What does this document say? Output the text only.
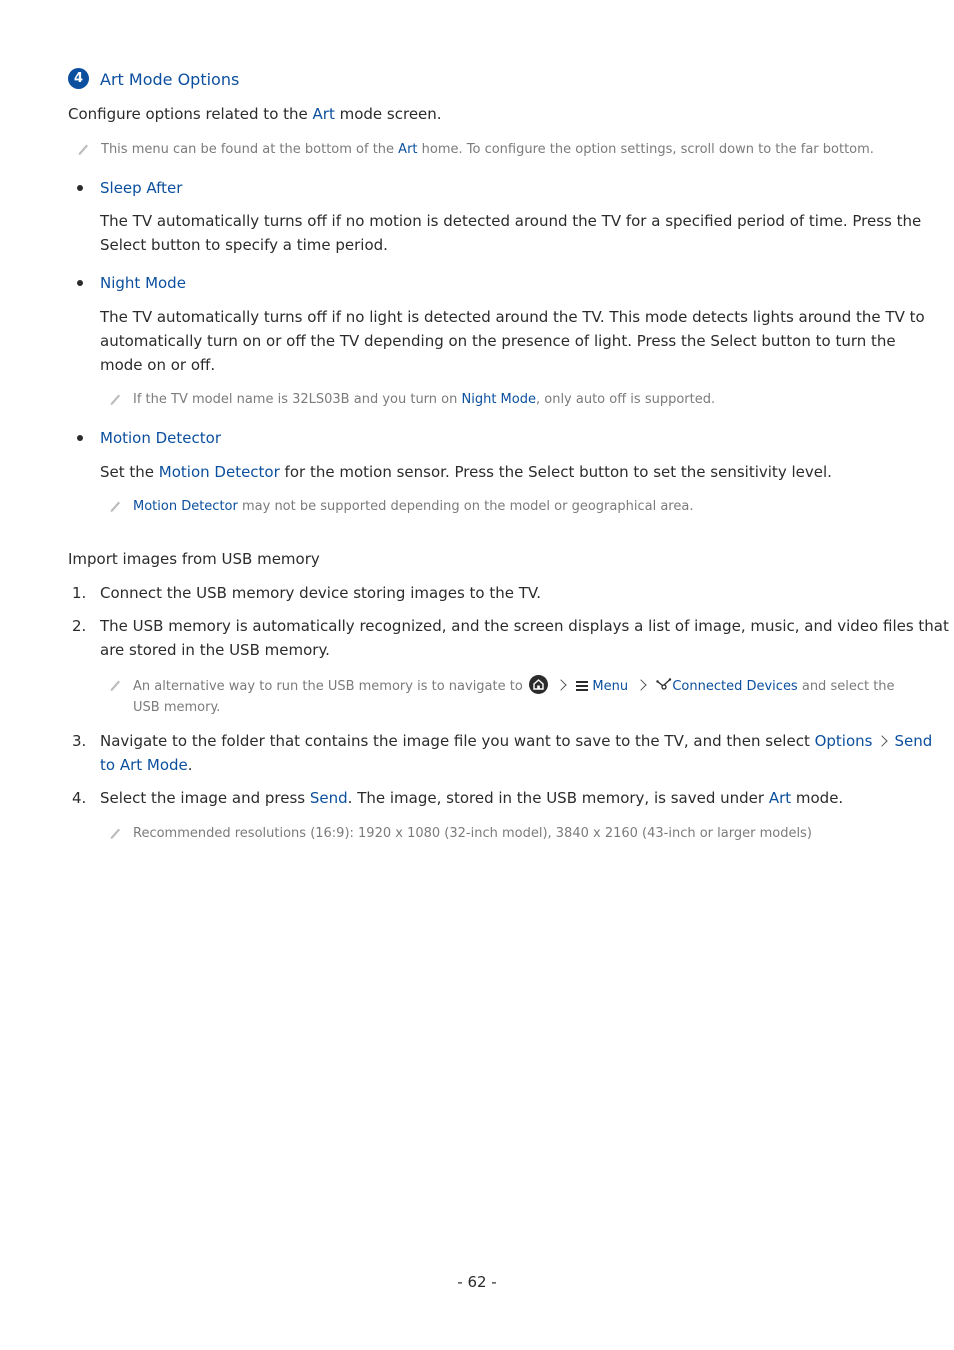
4	Art Mode Options
Configure options related to the Art mode screen.
This menu can be found at the bottom of the Art home. To configure the option settings, scroll down to the far bottom.
Sleep After
The TV automatically turns off if no motion is detected around the TV for a specified period of time. Press the
Select button to specify a time period.
Night Mode
The TV automatically turns off if no light is detected around the TV. This mode detects lights around the TV to
automatically turn on or off the TV depending on the presence of light. Press the Select button to turn the
mode on or off.
If the TV model name is 32LS03B and you turn on Night Mode, only auto off is supported.
Motion Detector
Set the Motion Detector for the motion sensor. Press the Select button to set the sensitivity level.
Motion Detector may not be supported depending on the model or geographical area.
Import images from USB memory
1. Connect the USB memory device storing images to the TV.
2. The USB memory is automatically recognized, and the screen displays a list of image, music, and video files that
are stored in the USB memory.
An alternative way to run the USB memory is to navigate to
	Menu	Connected Devices and select the
USB memory.
3. Navigate to the folder that contains the image file you want to save to the TV, and then select Options Send
to Art Mode.
4. Select the image and press Send. The image, stored in the USB memory, is saved under Art mode.
Recommended resolutions (16:9): 1920 x 1080 (32-inch model), 3840 x 2160 (43-inch or larger models)
- 62 -
